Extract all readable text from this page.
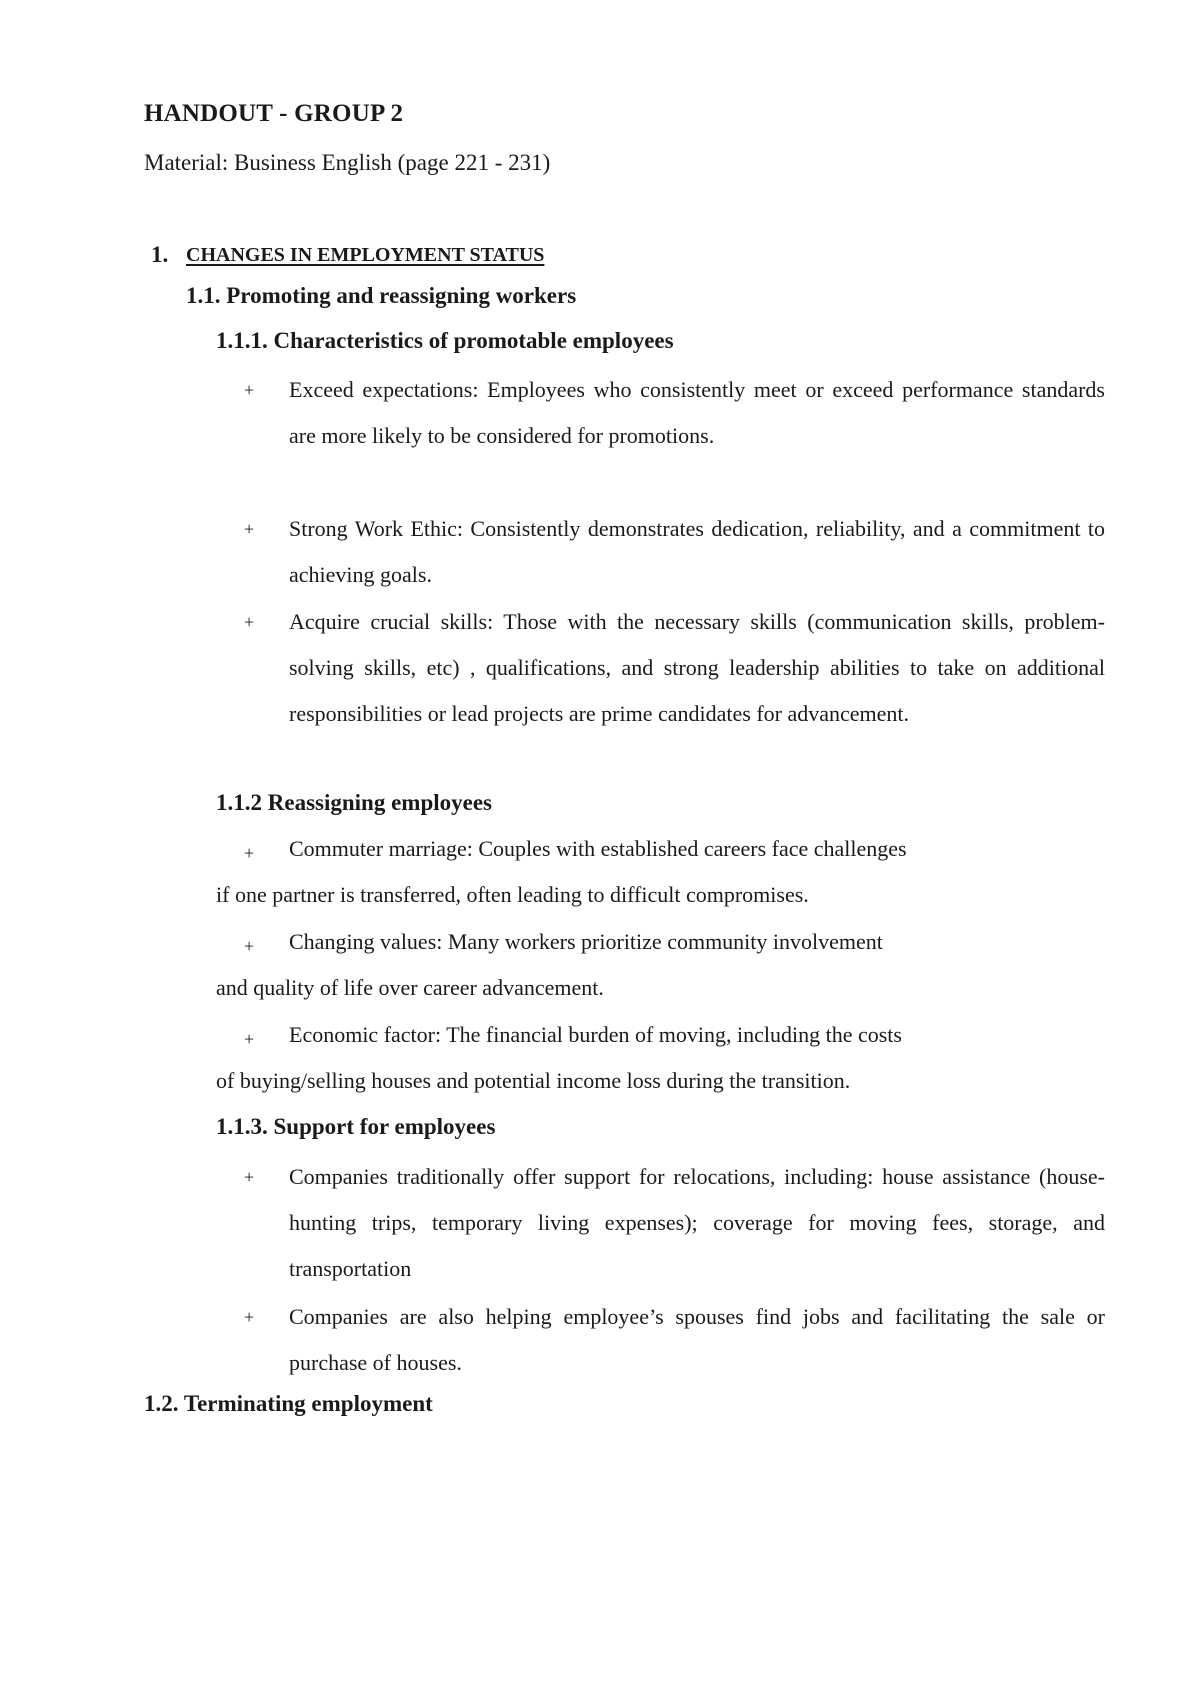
HANDOUT - GROUP 2
Material: Business English (page 221 - 231)
1. CHANGES IN EMPLOYMENT STATUS
1.1. Promoting and reassigning workers
1.1.1. Characteristics of promotable employees
+ Exceed expectations: Employees who consistently meet or exceed performance standards are more likely to be considered for promotions.
+ Strong Work Ethic: Consistently demonstrates dedication, reliability, and a commitment to achieving goals.
+ Acquire crucial skills: Those with the necessary skills (communication skills, problem-solving skills, etc) , qualifications, and strong leadership abilities to take on additional responsibilities or lead projects are prime candidates for advancement.
1.1.2 Reassigning employees
+ Commuter marriage: Couples with established careers face challenges
if one partner is transferred, often leading to difficult compromises.
+ Changing values: Many workers prioritize community involvement
and quality of life over career advancement.
+ Economic factor: The financial burden of moving, including the costs
of buying/selling houses and potential income loss during the transition.
1.1.3. Support for employees
+ Companies traditionally offer support for relocations, including: house assistance (house-hunting trips, temporary living expenses); coverage for moving fees, storage, and transportation
+ Companies are also helping employee’s spouses find jobs and facilitating the sale or purchase of houses.
1.2. Terminating employment
